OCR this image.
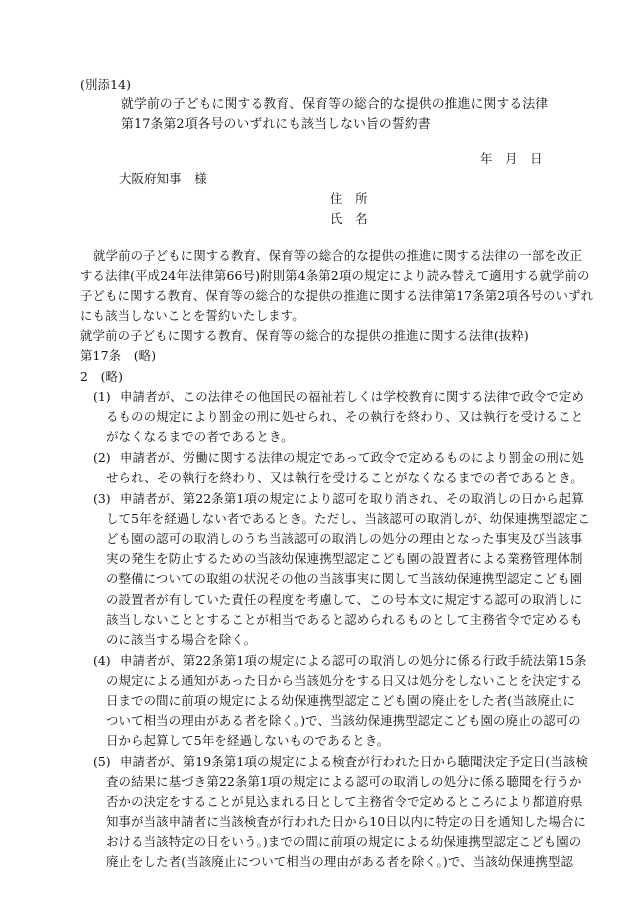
(別添14)
就学前の子どもに関する教育、保育等の総合的な提供の推進に関する法律
第17条第2項各号のいずれにも該当しない旨の誓約書
年　月　日
大阪府知事　様
住　所
氏　名
就学前の子どもに関する教育、保育等の総合的な提供の推進に関する法律の一部を改正
する法律(平成24年法律第66号)附則第4条第2項の規定により読み替えて適用する就学前の
子どもに関する教育、保育等の総合的な提供の推進に関する法律第17条第2項各号のいずれ
にも該当しないことを誓約いたします。
就学前の子どもに関する教育、保育等の総合的な提供の推進に関する法律(抜粋)
第17条　(略)
2　(略)
(1) 申請者が、この法律その他国民の福祉若しくは学校教育に関する法律で政令で定め
るものの規定により罰金の刑に処せられ、その執行を終わり、又は執行を受けること
がなくなるまでの者であるとき。
(2) 申請者が、労働に関する法律の規定であって政令で定めるものにより罰金の刑に処
せられ、その執行を終わり、又は執行を受けることがなくなるまでの者であるとき。
(3) 申請者が、第22条第1項の規定により認可を取り消され、その取消しの日から起算
して5年を経過しない者であるとき。ただし、当該認可の取消しが、幼保連携型認定こ
ども園の認可の取消しのうち当該認可の取消しの処分の理由となった事実及び当該事
実の発生を防止するための当該幼保連携型認定こども園の設置者による業務管理体制
の整備についての取組の状況その他の当該事実に関して当該幼保連携型認定こども園
の設置者が有していた責任の程度を考慮して、この号本文に規定する認可の取消しに
該当しないこととすることが相当であると認められるものとして主務省令で定めるも
のに該当する場合を除く。
(4) 申請者が、第22条第1項の規定による認可の取消しの処分に係る行政手続法第15条
の規定による通知があった日から当該処分をする日又は処分をしないことを決定する
日までの間に前項の規定による幼保連携型認定こども園の廃止をした者(当該廃止に
ついて相当の理由がある者を除く。)で、当該幼保連携型認定こども園の廃止の認可の
日から起算して5年を経過しないものであるとき。
(5) 申請者が、第19条第1項の規定による検査が行われた日から聴聞決定予定日(当該検
査の結果に基づき第22条第1項の規定による認可の取消しの処分に係る聴聞を行うか
否かの決定をすることが見込まれる日として主務省令で定めるところにより都道府県
知事が当該申請者に当該検査が行われた日から10日以内に特定の日を通知した場合に
おける当該特定の日をいう。)までの間に前項の規定による幼保連携型認定こども園の
廃止をした者(当該廃止について相当の理由がある者を除く。)で、当該幼保連携型認
